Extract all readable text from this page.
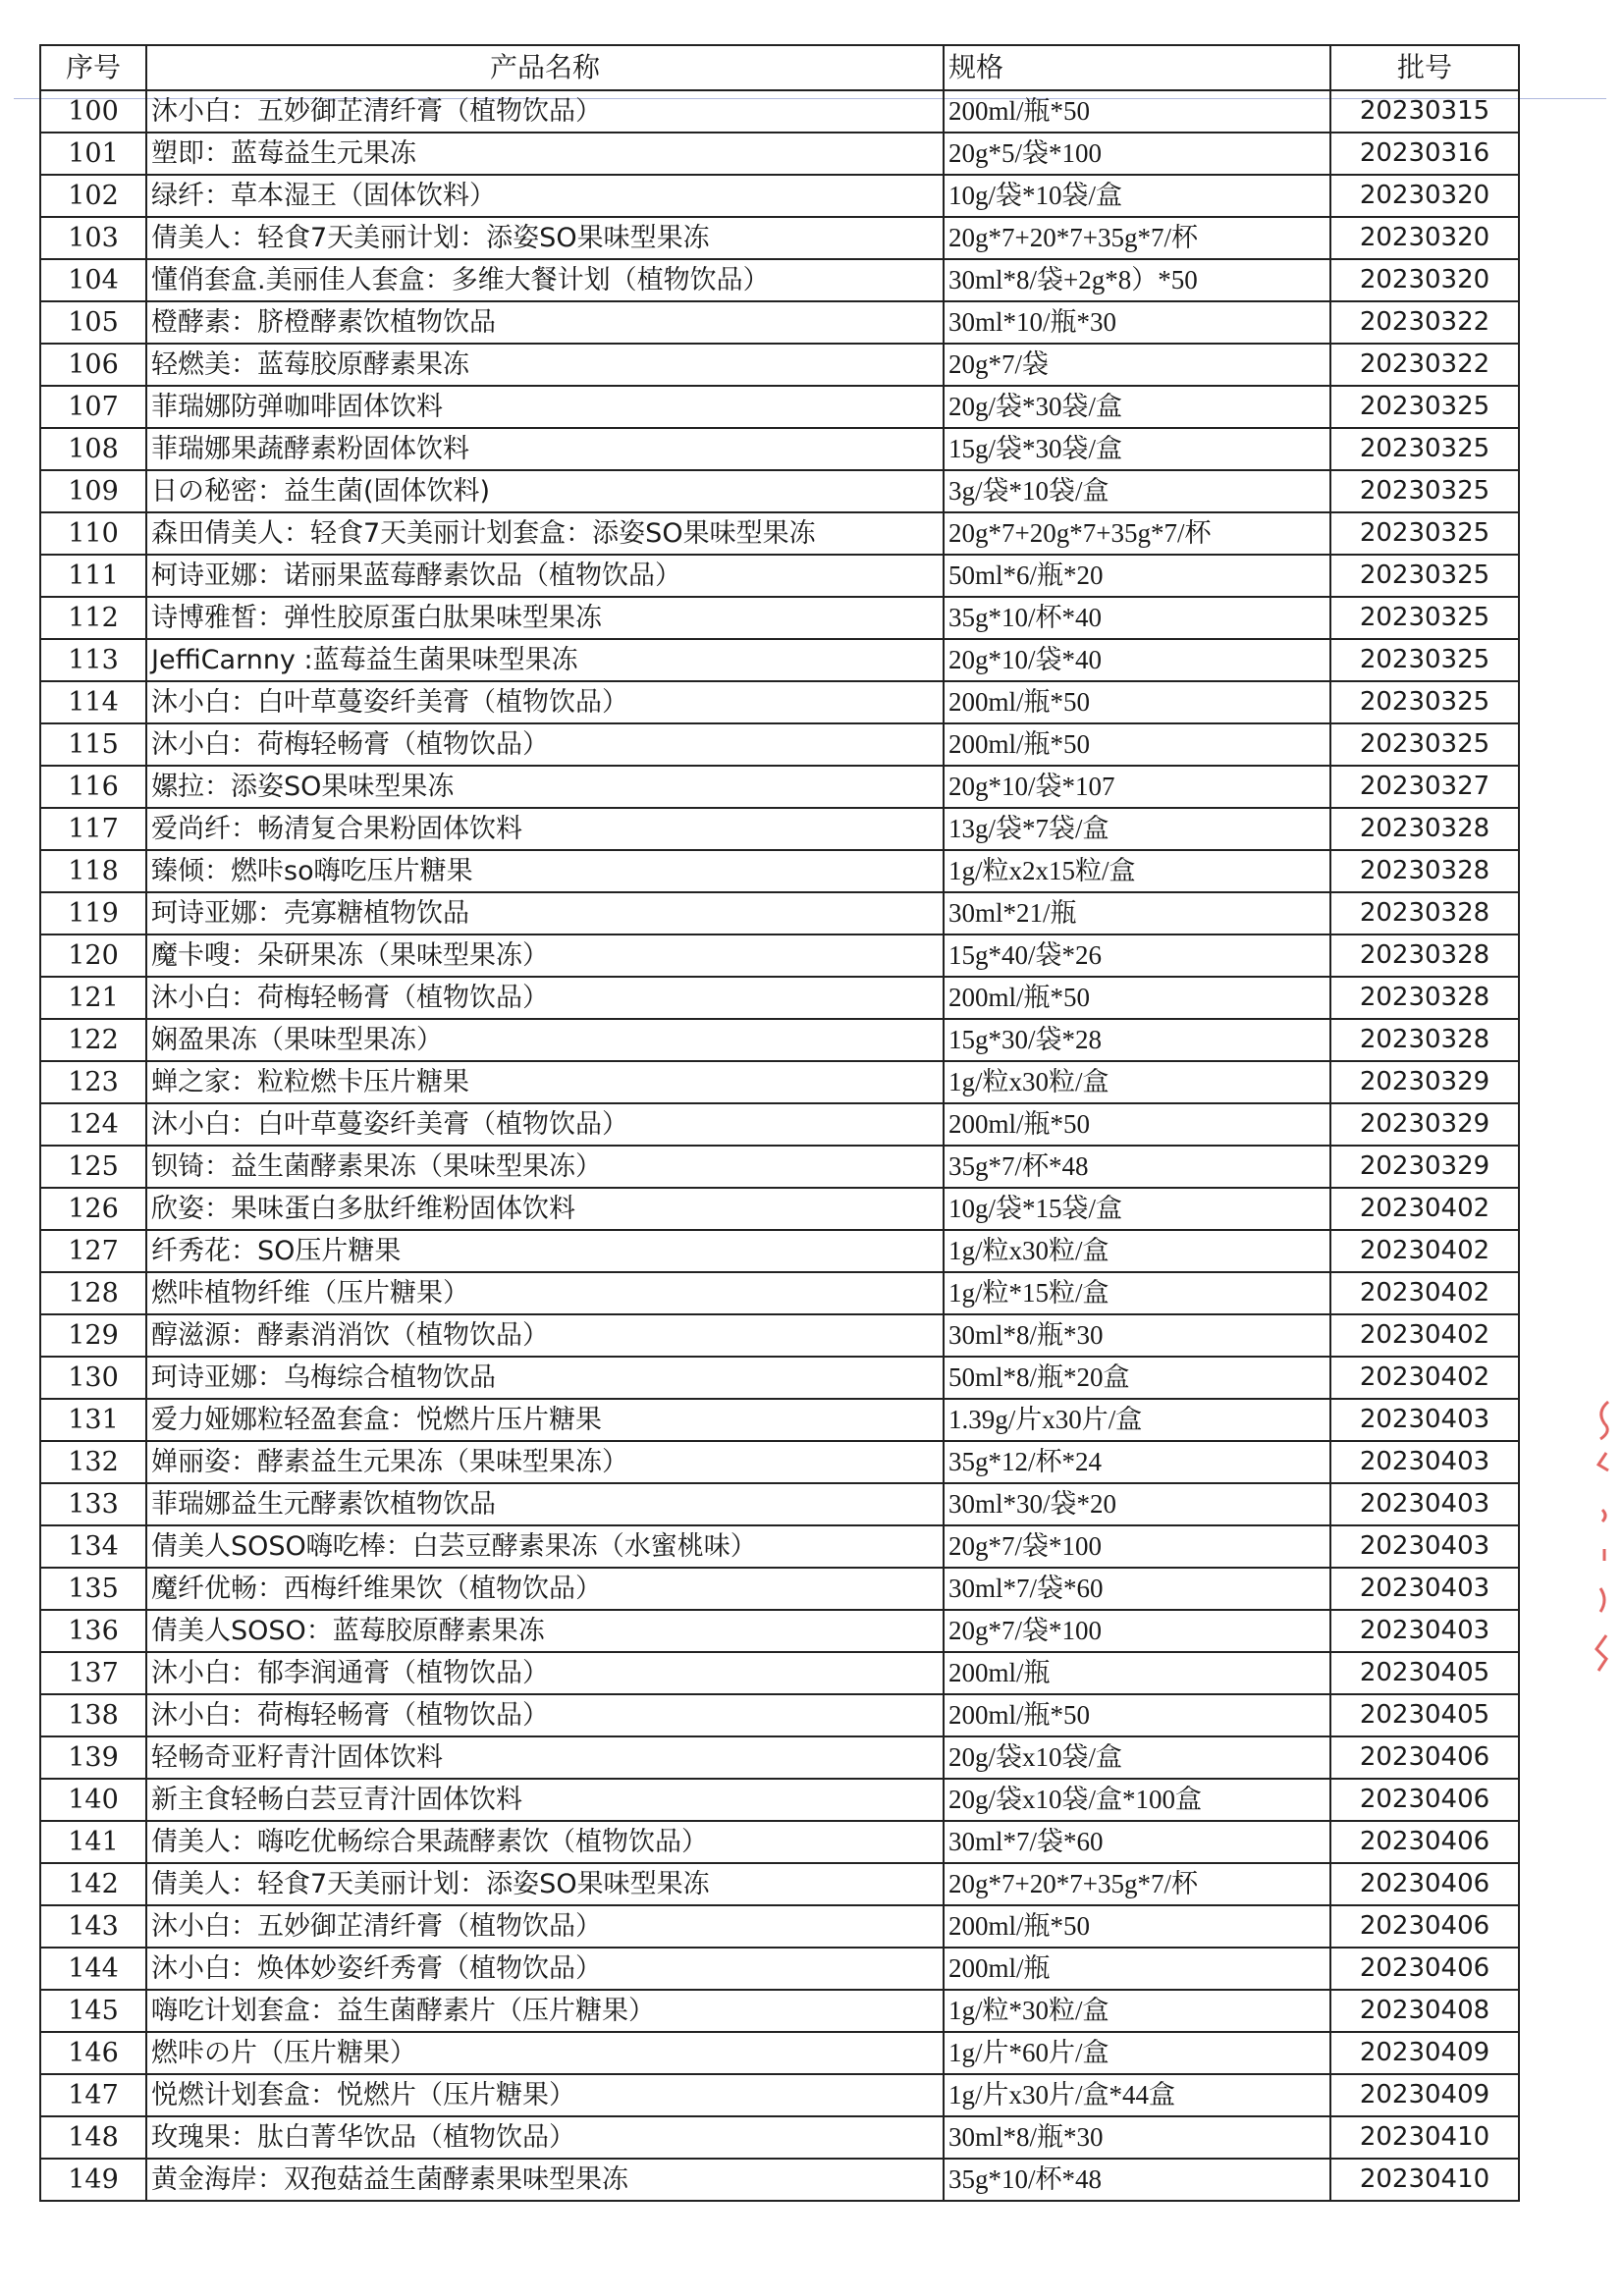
序号	产品名称	规格	批号
100	沐小白：五妙御芷清纤膏（植物饮品）	200ml/瓶*50	20230315
101	塑即：蓝莓益生元果冻	20g*5/袋*100	20230316
102	绿纤：草本湿王（固体饮料）	10g/袋*10袋/盒	20230320
103	倩美人：轻食7天美丽计划：添姿SO果味型果冻	20g*7+20*7+35g*7/杯	20230320
104	懂俏套盒.美丽佳人套盒：多维大餐计划（植物饮品）	30ml*8/袋+2g*8）*50	20230320
105	橙酵素：脐橙酵素饮植物饮品	30ml*10/瓶*30	20230322
106	轻燃美：蓝莓胶原酵素果冻	20g*7/袋	20230322
107	菲瑞娜防弹咖啡固体饮料	20g/袋*30袋/盒	20230325
108	菲瑞娜果蔬酵素粉固体饮料	15g/袋*30袋/盒	20230325
109	日の秘密：益生菌(固体饮料)	3g/袋*10袋/盒	20230325
110	森田倩美人：轻食7天美丽计划套盒：添姿SO果味型果冻	20g*7+20g*7+35g*7/杯	20230325
111	柯诗亚娜：诺丽果蓝莓酵素饮品（植物饮品）	50ml*6/瓶*20	20230325
112	诗博雅皙：弹性胶原蛋白肽果味型果冻	35g*10/杯*40	20230325
113	JeffiCarnny :蓝莓益生菌果味型果冻	20g*10/袋*40	20230325
114	沐小白：白叶草蔓姿纤美膏（植物饮品）	200ml/瓶*50	20230325
115	沐小白：荷梅轻畅膏（植物饮品）	200ml/瓶*50	20230325
116	嫘拉：添姿SO果味型果冻	20g*10/袋*107	20230327
117	爱尚纤：畅清复合果粉固体饮料	13g/袋*7袋/盒	20230328
118	臻倾：燃咔so嗨吃压片糖果	1g/粒x2x15粒/盒	20230328
119	珂诗亚娜：壳寡糖植物饮品	30ml*21/瓶	20230328
120	魔卡嗖：朵研果冻（果味型果冻）	15g*40/袋*26	20230328
121	沐小白：荷梅轻畅膏（植物饮品）	200ml/瓶*50	20230328
122	娴盈果冻（果味型果冻）	15g*30/袋*28	20230328
123	蝉之家：粒粒燃卡压片糖果	1g/粒x30粒/盒	20230329
124	沐小白：白叶草蔓姿纤美膏（植物饮品）	200ml/瓶*50	20230329
125	钡锜：益生菌酵素果冻（果味型果冻）	35g*7/杯*48	20230329
126	欣姿：果味蛋白多肽纤维粉固体饮料	10g/袋*15袋/盒	20230402
127	纤秀花：SO压片糖果	1g/粒x30粒/盒	20230402
128	燃咔植物纤维（压片糖果）	1g/粒*15粒/盒	20230402
129	醇滋源：酵素消消饮（植物饮品）	30ml*8/瓶*30	20230402
130	珂诗亚娜：乌梅综合植物饮品	50ml*8/瓶*20盒	20230402
131	爱力娅娜粒轻盈套盒：悦燃片压片糖果	1.39g/片x30片/盒	20230403
132	婵丽姿：酵素益生元果冻（果味型果冻）	35g*12/杯*24	20230403
133	菲瑞娜益生元酵素饮植物饮品	30ml*30/袋*20	20230403
134	倩美人SOSO嗨吃棒：白芸豆酵素果冻（水蜜桃味）	20g*7/袋*100	20230403
135	魔纤优畅：西梅纤维果饮（植物饮品）	30ml*7/袋*60	20230403
136	倩美人SOSO：蓝莓胶原酵素果冻	20g*7/袋*100	20230403
137	沐小白：郁李润通膏（植物饮品）	200ml/瓶	20230405
138	沐小白：荷梅轻畅膏（植物饮品）	200ml/瓶*50	20230405
139	轻畅奇亚籽青汁固体饮料	20g/袋x10袋/盒	20230406
140	新主食轻畅白芸豆青汁固体饮料	20g/袋x10袋/盒*100盒	20230406
141	倩美人：嗨吃优畅综合果蔬酵素饮（植物饮品）	30ml*7/袋*60	20230406
142	倩美人：轻食7天美丽计划：添姿SO果味型果冻	20g*7+20*7+35g*7/杯	20230406
143	沐小白：五妙御芷清纤膏（植物饮品）	200ml/瓶*50	20230406
144	沐小白：焕体妙姿纤秀膏（植物饮品）	200ml/瓶	20230406
145	嗨吃计划套盒：益生菌酵素片（压片糖果）	1g/粒*30粒/盒	20230408
146	燃咔の片（压片糖果）	1g/片*60片/盒	20230409
147	悦燃计划套盒：悦燃片（压片糖果）	1g/片x30片/盒*44盒	20230409
148	玫瑰果：肽白菁华饮品（植物饮品）	30ml*8/瓶*30	20230410
149	黄金海岸：双孢菇益生菌酵素果味型果冻	35g*10/杯*48	20230410
